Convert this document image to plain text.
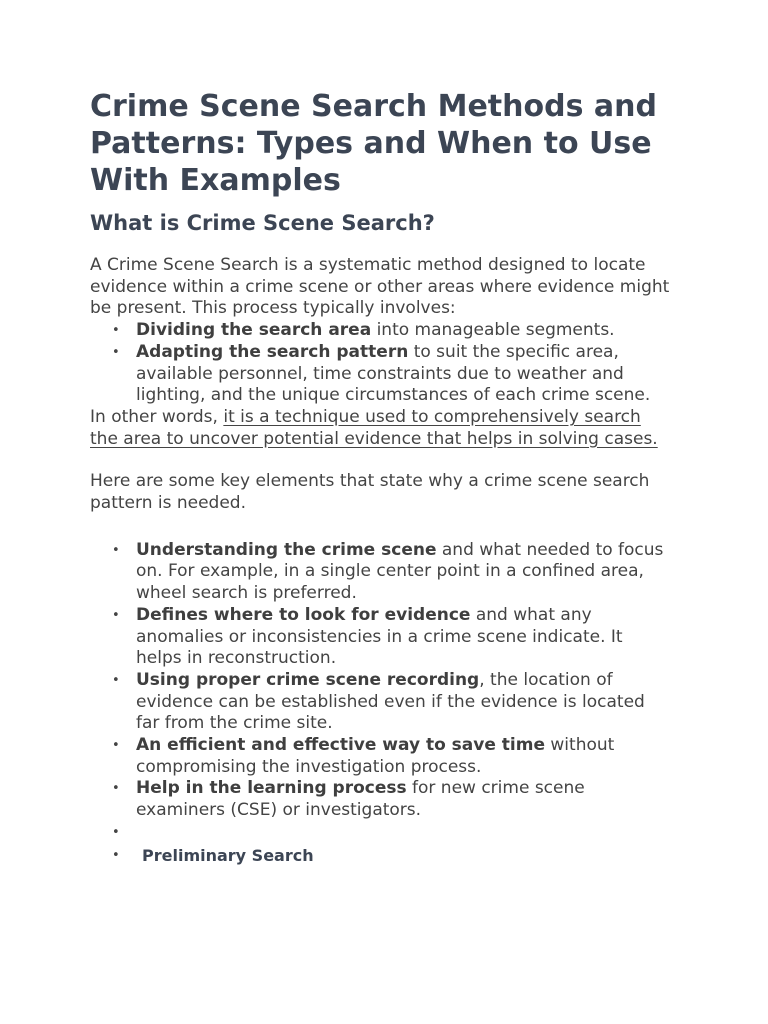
Crime Scene Search Methods and Patterns: Types and When to Use With Examples
What is Crime Scene Search?

A Crime Scene Search is a systematic method designed to locate evidence within a crime scene or other areas where evidence might be present. This process typically involves:

• Dividing the search area into manageable segments.
• Adapting the search pattern to suit the specific area, available personnel, time constraints due to weather and lighting, and the unique circumstances of each crime scene.

In other words, it is a technique used to comprehensively search the area to uncover potential evidence that helps in solving cases.

Here are some key elements that state why a crime scene search pattern is needed.

• Understanding the crime scene and what needed to focus on. For example, in a single center point in a confined area, wheel search is preferred.
• Defines where to look for evidence and what any anomalies or inconsistencies in a crime scene indicate. It helps in reconstruction.
• Using proper crime scene recording, the location of evidence can be established even if the evidence is located far from the crime site.
• An efficient and effective way to save time without compromising the investigation process.
• Help in the learning process for new crime scene examiners (CSE) or investigators.
•
• Preliminary Search
